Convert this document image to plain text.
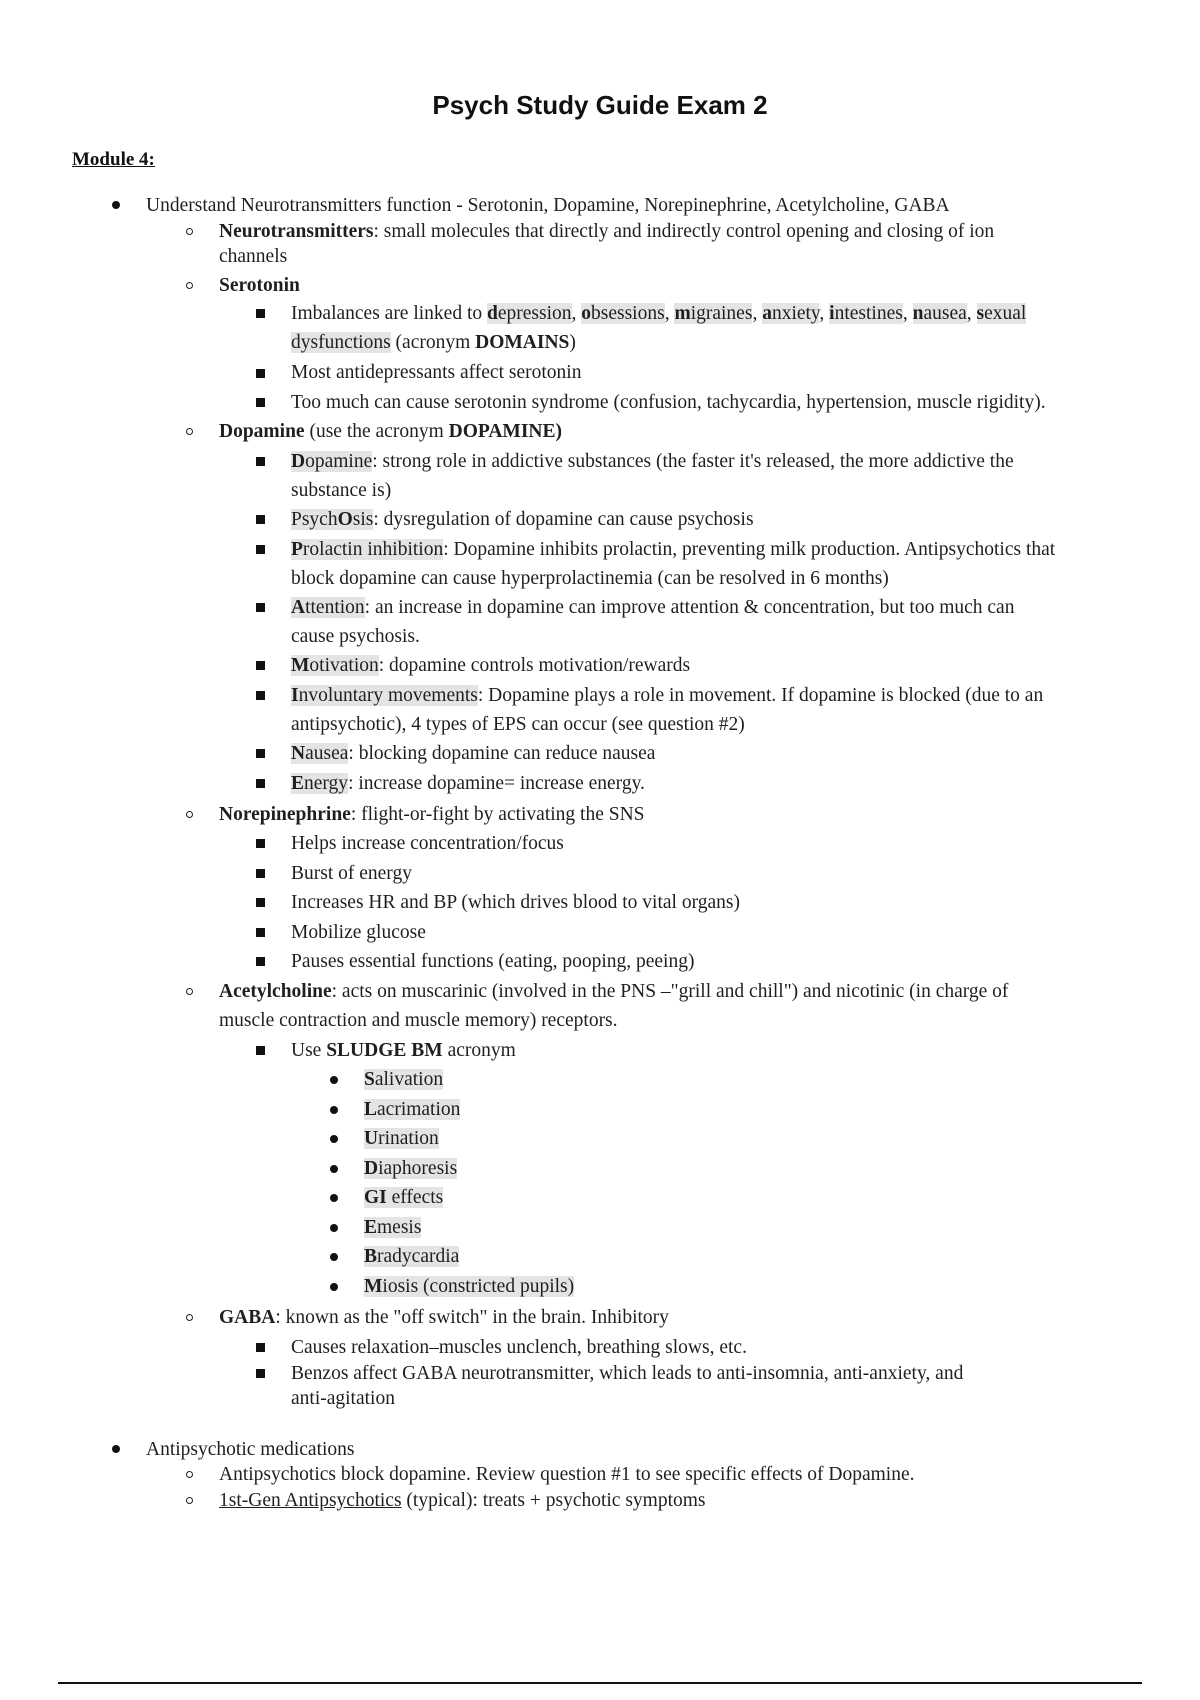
Psych Study Guide Exam 2
Module 4:
Understand Neurotransmitters function - Serotonin, Dopamine, Norepinephrine, Acetylcholine, GABA
Neurotransmitters: small molecules that directly and indirectly control opening and closing of ion
channels
Serotonin
Imbalances are linked to depression, obsessions, migraines, anxiety, intestines, nausea, sexual
dysfunctions (acronym DOMAINS)
Most antidepressants affect serotonin
Too much can cause serotonin syndrome (confusion, tachycardia, hypertension, muscle rigidity).
Dopamine (use the acronym DOPAMINE)
Dopamine: strong role in addictive substances (the faster it's released, the more addictive the
substance is)
PsychOsis: dysregulation of dopamine can cause psychosis
Prolactin inhibition: Dopamine inhibits prolactin, preventing milk production. Antipsychotics that
block dopamine can cause hyperprolactinemia (can be resolved in 6 months)
Attention: an increase in dopamine can improve attention & concentration, but too much can
cause psychosis.
Motivation: dopamine controls motivation/rewards
Involuntary movements: Dopamine plays a role in movement. If dopamine is blocked (due to an
antipsychotic), 4 types of EPS can occur (see question #2)
Nausea: blocking dopamine can reduce nausea
Energy: increase dopamine= increase energy.
Norepinephrine: flight-or-fight by activating the SNS
Helps increase concentration/focus
Burst of energy
Increases HR and BP (which drives blood to vital organs)
Mobilize glucose
Pauses essential functions (eating, pooping, peeing)
Acetylcholine: acts on muscarinic (involved in the PNS –"grill and chill") and nicotinic (in charge of
muscle contraction and muscle memory) receptors.
Use SLUDGE BM acronym
Salivation
Lacrimation
Urination
Diaphoresis
GI effects
Emesis
Bradycardia
Miosis (constricted pupils)
GABA: known as the "off switch" in the brain. Inhibitory
Causes relaxation–muscles unclench, breathing slows, etc.
Benzos affect GABA neurotransmitter, which leads to anti-insomnia, anti-anxiety, and
anti-agitation
Antipsychotic medications
Antipsychotics block dopamine. Review question #1 to see specific effects of Dopamine.
1st-Gen Antipsychotics (typical): treats + psychotic symptoms
